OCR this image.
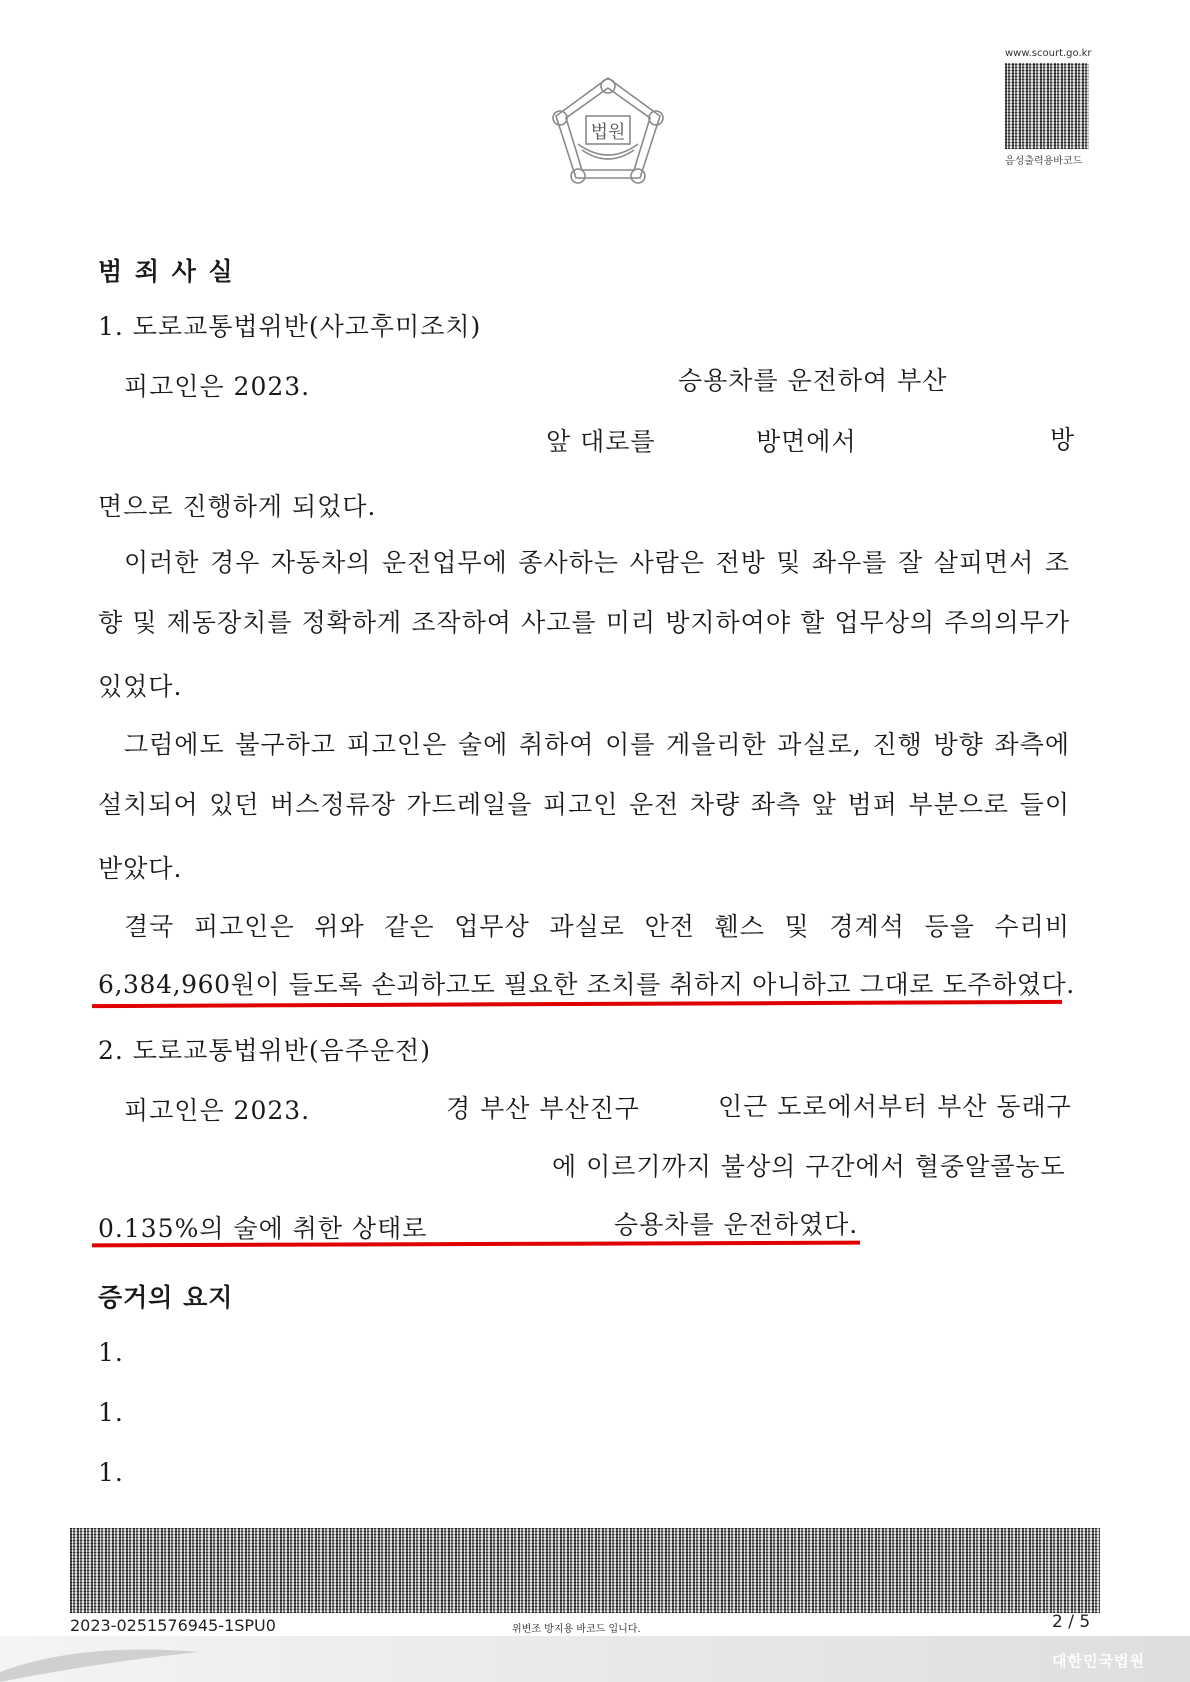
법원
www.scourt.go.kr
음성출력용바코드
범 죄 사 실
1. 도로교통법위반(사고후미조치)
피고인은 2023.	승용차를 운전하여 부산
앞 대로를	방면에서	방
면으로 진행하게 되었다.
이러한 경우 자동차의 운전업무에 종사하는 사람은 전방 및 좌우를 잘 살피면서 조
향 및 제동장치를 정확하게 조작하여 사고를 미리 방지하여야 할 업무상의 주의의무가
있었다.
그럼에도 불구하고 피고인은 술에 취하여 이를 게을리한 과실로, 진행 방향 좌측에
설치되어 있던 버스정류장 가드레일을 피고인 운전 차량 좌측 앞 범퍼 부분으로 들이
받았다.
결국 피고인은 위와 같은 업무상 과실로 안전 휀스 및 경계석 등을 수리비
6,384,960원이 들도록 손괴하고도 필요한 조치를 취하지 아니하고 그대로 도주하였다.
2. 도로교통법위반(음주운전)
피고인은 2023.	경 부산 부산진구	인근 도로에서부터 부산 동래구
에 이르기까지 불상의 구간에서 혈중알콜농도
0.135%의 술에 취한 상태로	승용차를 운전하였다.
증거의 요지
1.
1.
1.
2023-0251576945-1SPU0	위변조 방지용 바코드 입니다.	2 / 5
대한민국법원
